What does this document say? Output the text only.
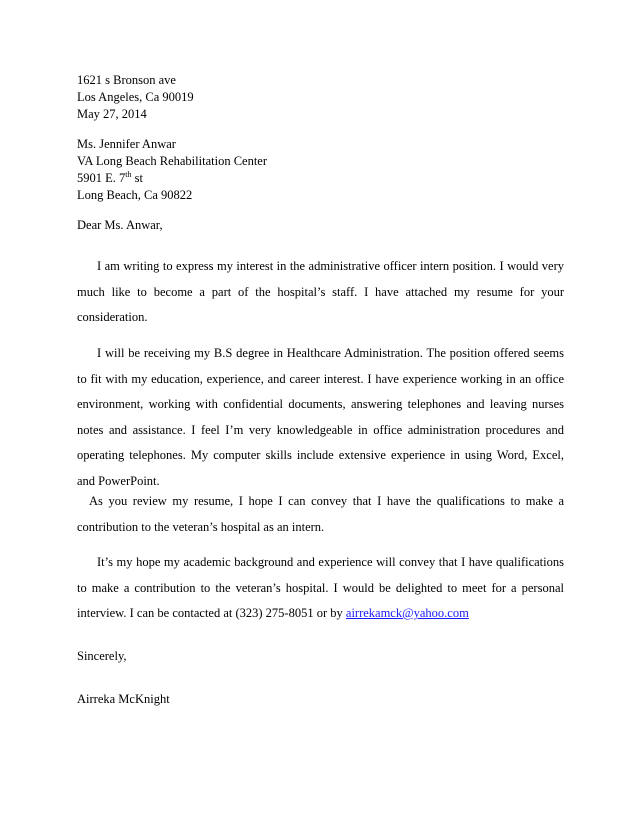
1621 s Bronson ave
Los Angeles, Ca 90019
May 27, 2014
Ms. Jennifer Anwar
VA Long Beach Rehabilitation Center
5901 E. 7th st
Long Beach, Ca 90822
Dear Ms. Anwar,
I am writing to express my interest in the administrative officer intern position. I would very much like to become a part of the hospital’s staff. I have attached my resume for your consideration.
I will be receiving my B.S degree in Healthcare Administration. The position offered seems to fit with my education, experience, and career interest. I have experience working in an office environment, working with confidential documents, answering telephones and leaving nurses notes and assistance. I feel I’m very knowledgeable in office administration procedures and operating telephones. My computer skills include extensive experience in using Word, Excel, and PowerPoint.
As you review my resume, I hope I can convey that I have the qualifications to make a contribution to the veteran’s hospital as an intern.
It’s my hope my academic background and experience will convey that I have qualifications to make a contribution to the veteran’s hospital. I would be delighted to meet for a personal interview. I can be contacted at (323) 275-8051 or by airrekamck@yahoo.com
Sincerely,
Airreka McKnight
